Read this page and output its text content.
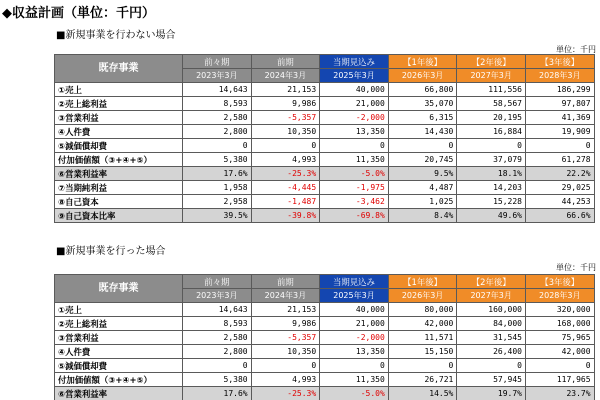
◆収益計画（単位：千円）
■新規事業を行わない場合
単位：千円
既存事業	前々期	前期	当期見込み	【1年後】	【2年後】	【3年後】
	2023年3月	2024年3月	2025年3月	2026年3月	2027年3月	2028年3月
①売上	14,643	21,153	40,000	66,800	111,556	186,299
②売上総利益	8,593	9,986	21,000	35,070	58,567	97,807
③営業利益	2,580	-5,357	-2,000	6,315	20,195	41,369
④人件費	2,800	10,350	13,350	14,430	16,884	19,909
⑤減価償却費	0	0	0	0	0	0
付加価値額（③+④+⑤）	5,380	4,993	11,350	20,745	37,079	61,278
⑥営業利益率	17.6%	-25.3%	-5.0%	9.5%	18.1%	22.2%
⑦当期純利益	1,958	-4,445	-1,975	4,487	14,203	29,025
⑧自己資本	2,958	-1,487	-3,462	1,025	15,228	44,253
⑨自己資本比率	39.5%	-39.8%	-69.8%	8.4%	49.6%	66.6%
■新規事業を行った場合
単位：千円
既存事業	前々期	前期	当期見込み	【1年後】	【2年後】	【3年後】
	2023年3月	2024年3月	2025年3月	2026年3月	2027年3月	2028年3月
①売上	14,643	21,153	40,000	80,000	160,000	320,000
②売上総利益	8,593	9,986	21,000	42,000	84,000	168,000
③営業利益	2,580	-5,357	-2,000	11,571	31,545	75,965
④人件費	2,800	10,350	13,350	15,150	26,400	42,000
⑤減価償却費	0	0	0	0	0	0
付加価値額（③+④+⑤）	5,380	4,993	11,350	26,721	57,945	117,965
⑥営業利益率	17.6%	-25.3%	-5.0%	14.5%	19.7%	23.7%
